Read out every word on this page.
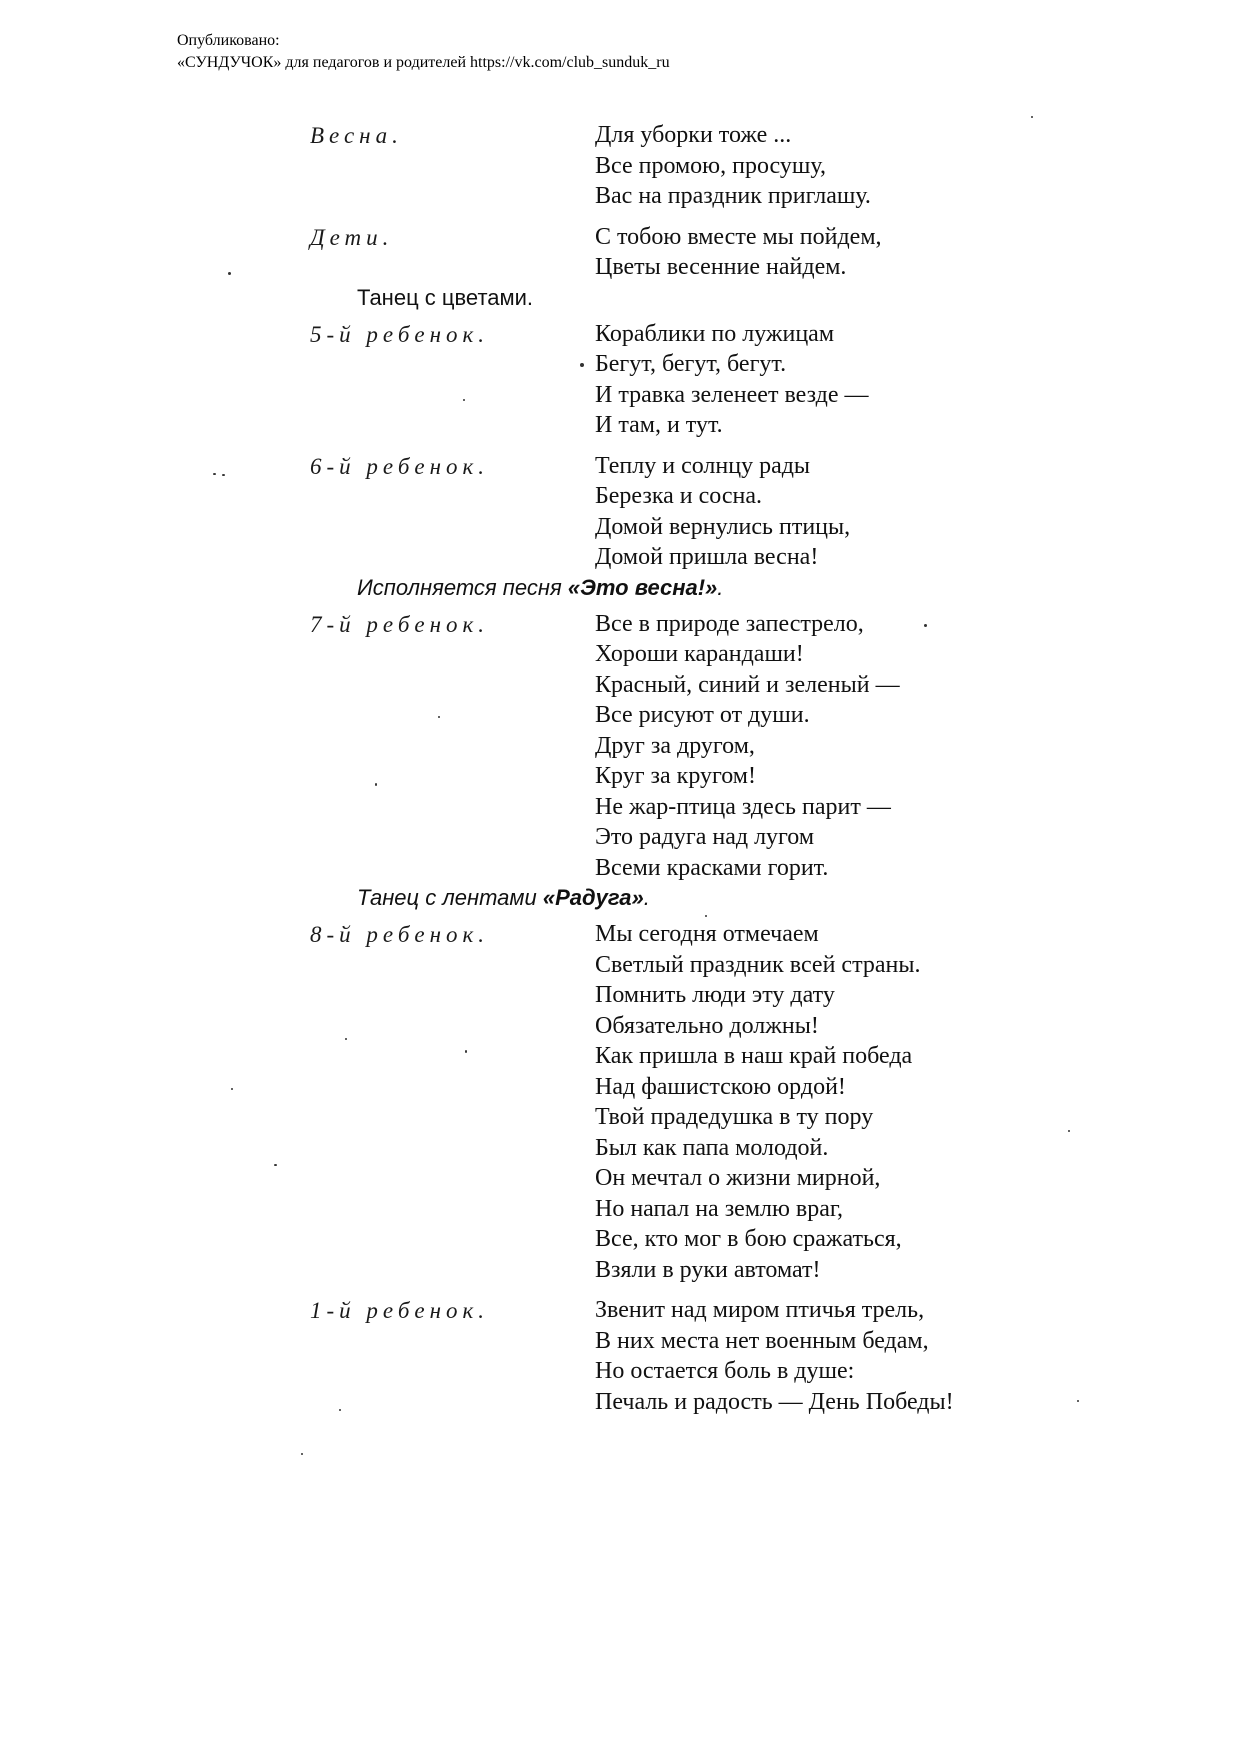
Опубликовано:
«СУНДУЧОК» для педагогов и родителей https://vk.com/club_sunduk_ru
Весна.	Для уборки тоже ...
Все промою, просушу,
Вас на праздник приглашу.
Дети.	С тобою вместе мы пойдем,
Цветы весенние найдем.
Танец с цветами.
5-й ребенок.	Кораблики по лужицам
Бегут, бегут, бегут.
И травка зеленеет везде —
И там, и тут.
6-й ребенок.	Теплу и солнцу рады
Березка и сосна.
Домой вернулись птицы,
Домой пришла весна!
Исполняется песня «Это весна!».
7-й ребенок.	Все в природе запестрело,
Хороши карандаши!
Красный, синий и зеленый —
Все рисуют от души.
Друг за другом,
Круг за кругом!
Не жар-птица здесь парит —
Это радуга над лугом
Всеми красками горит.
Танец с лентами «Радуга».
8-й ребенок.	Мы сегодня отмечаем
Светлый праздник всей страны.
Помнить люди эту дату
Обязательно должны!
Как пришла в наш край победа
Над фашистскою ордой!
Твой прадедушка в ту пору
Был как папа молодой.
Он мечтал о жизни мирной,
Но напал на землю враг,
Все, кто мог в бою сражаться,
Взяли в руки автомат!
1-й ребенок.	Звенит над миром птичья трель,
В них места нет военным бедам,
Но остается боль в душе:
Печаль и радость — День Победы!
